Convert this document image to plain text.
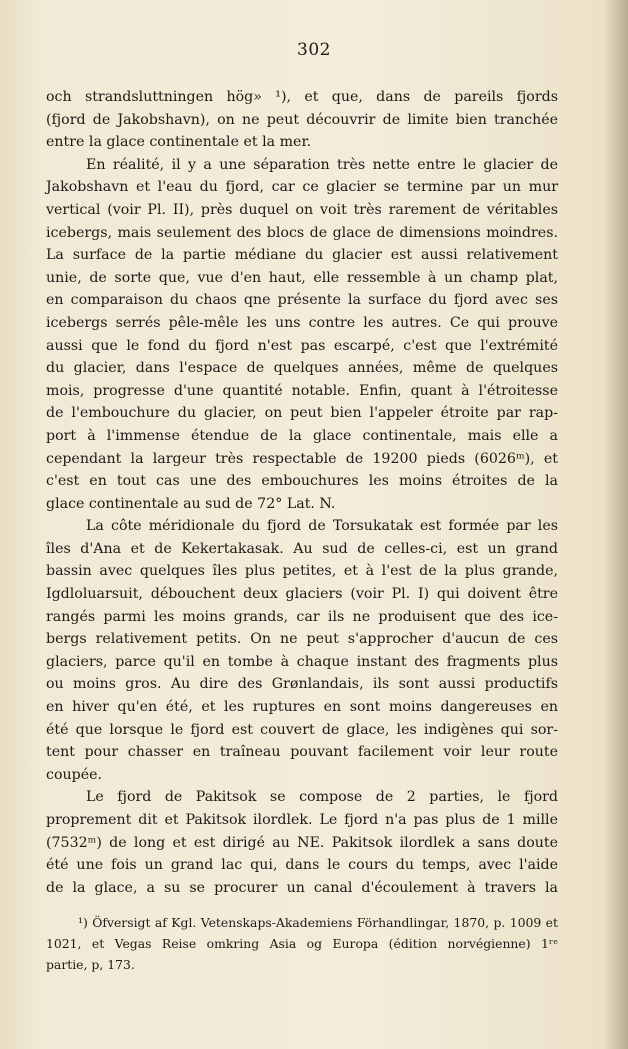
302
och strandsluttningen hög» ¹), et que, dans de pareils fjords
(fjord de Jakobshavn), on ne peut découvrir de limite bien tranchée
entre la glace continentale et la mer.
En réalité, il y a une séparation très nette entre le glacier de
Jakobshavn et l'eau du fjord, car ce glacier se termine par un mur
vertical (voir Pl. II), près duquel on voit très rarement de véritables
icebergs, mais seulement des blocs de glace de dimensions moindres.
La surface de la partie médiane du glacier est aussi relativement
unie, de sorte que, vue d'en haut, elle ressemble à un champ plat,
en comparaison du chaos qne présente la surface du fjord avec ses
icebergs serrés pêle-mêle les uns contre les autres. Ce qui prouve
aussi que le fond du fjord n'est pas escarpé, c'est que l'extrémité
du glacier, dans l'espace de quelques années, même de quelques
mois, progresse d'une quantité notable. Enfin, quant à l'étroitesse
de l'embouchure du glacier, on peut bien l'appeler étroite par rap-
port à l'immense étendue de la glace continentale, mais elle a
cependant la largeur très respectable de 19200 pieds (6026ᵐ), et
c'est en tout cas une des embouchures les moins étroites de la
glace continentale au sud de 72° Lat. N.
La côte méridionale du fjord de Torsukatak est formée par les
îles d'Ana et de Kekertakasak. Au sud de celles-ci, est un grand
bassin avec quelques îles plus petites, et à l'est de la plus grande,
Igdloluarsuit, débouchent deux glaciers (voir Pl. I) qui doivent être
rangés parmi les moins grands, car ils ne produisent que des ice-
bergs relativement petits. On ne peut s'approcher d'aucun de ces
glaciers, parce qu'il en tombe à chaque instant des fragments plus
ou moins gros. Au dire des Grønlandais, ils sont aussi productifs
en hiver qu'en été, et les ruptures en sont moins dangereuses en
été que lorsque le fjord est couvert de glace, les indigènes qui sor-
tent pour chasser en traîneau pouvant facilement voir leur route
coupée.
Le fjord de Pakitsok se compose de 2 parties, le fjord
proprement dit et Pakitsok ilordlek. Le fjord n'a pas plus de 1 mille
(7532ᵐ) de long et est dirigé au NE. Pakitsok ilordlek a sans doute
été une fois un grand lac qui, dans le cours du temps, avec l'aide
de la glace, a su se procurer un canal d'écoulement à travers la
¹) Öfversigt af Kgl. Vetenskaps-Akademiens Förhandlingar, 1870, p. 1009 et
1021, et Vegas Reise omkring Asia og Europa (édition norvégienne) 1ʳᵉ
partie, p, 173.
